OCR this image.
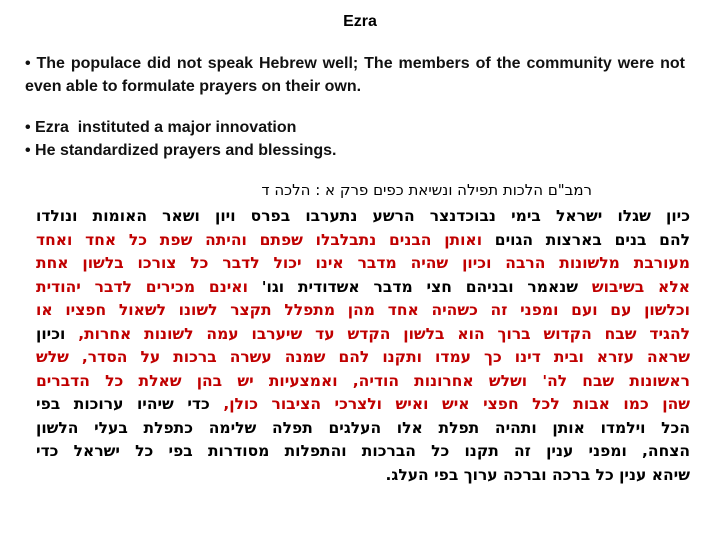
Ezra
• The populace did not speak Hebrew well; The members of the community were not even able to formulate prayers on their own.
• Ezra  instituted a major innovation
• He standardized prayers and blessings.
רמב"ם הלכות תפילה ונשיאת כפים פרק א : הלכה ד
כיון שגלו ישראל בימי נבוכדנצר הרשע נתערבו בפרס ויון ושאר האומות ונולדו
להם בנים בארצות הגוים ואותן הבנים נתבלבלו שפתם והיתה שפת כל אחד ואחד
מעורבת מלשונות הרבה וכיון שהיה מדבר אינו יכול לדבר כל צורכו בלשון אחת
אלא בשיבוש שנאמר ובניהם חצי מדבר אשדודית וגו' ואינם מכירים לדבר יהודית
וכלשון עם ועם ומפני זה כשהיה אחד מהן מתפלל תקצר לשונו לשאול חפציו או
להגיד שבח הקדוש ברוך הוא בלשון הקדש עד שיערבו עמה לשונות אחרות, וכיון
שראה עזרא ובית דינו כך עמדו ותקנו להם שמנה עשרה ברכות על הסדר, שלש
ראשונות שבח לה' ושלש אחרונות הודיה, ואמצעיות יש בהן שאלת כל הדברים
שהן כמו אבות לכל חפצי איש ואיש ולצרכי הציבור כולן, כדי שיהיו ערוכות בפי
הכל וילמדו אותן ותהיה תפלת אלו העלגים תפלה שלימה כתפלת בעלי הלשון
הצחה, ומפני ענין זה תקנו כל הברכות והתפלות מסודרות בפי כל ישראל כדי
שיהא ענין כל ברכה וברכה ערוך בפי העלג.
